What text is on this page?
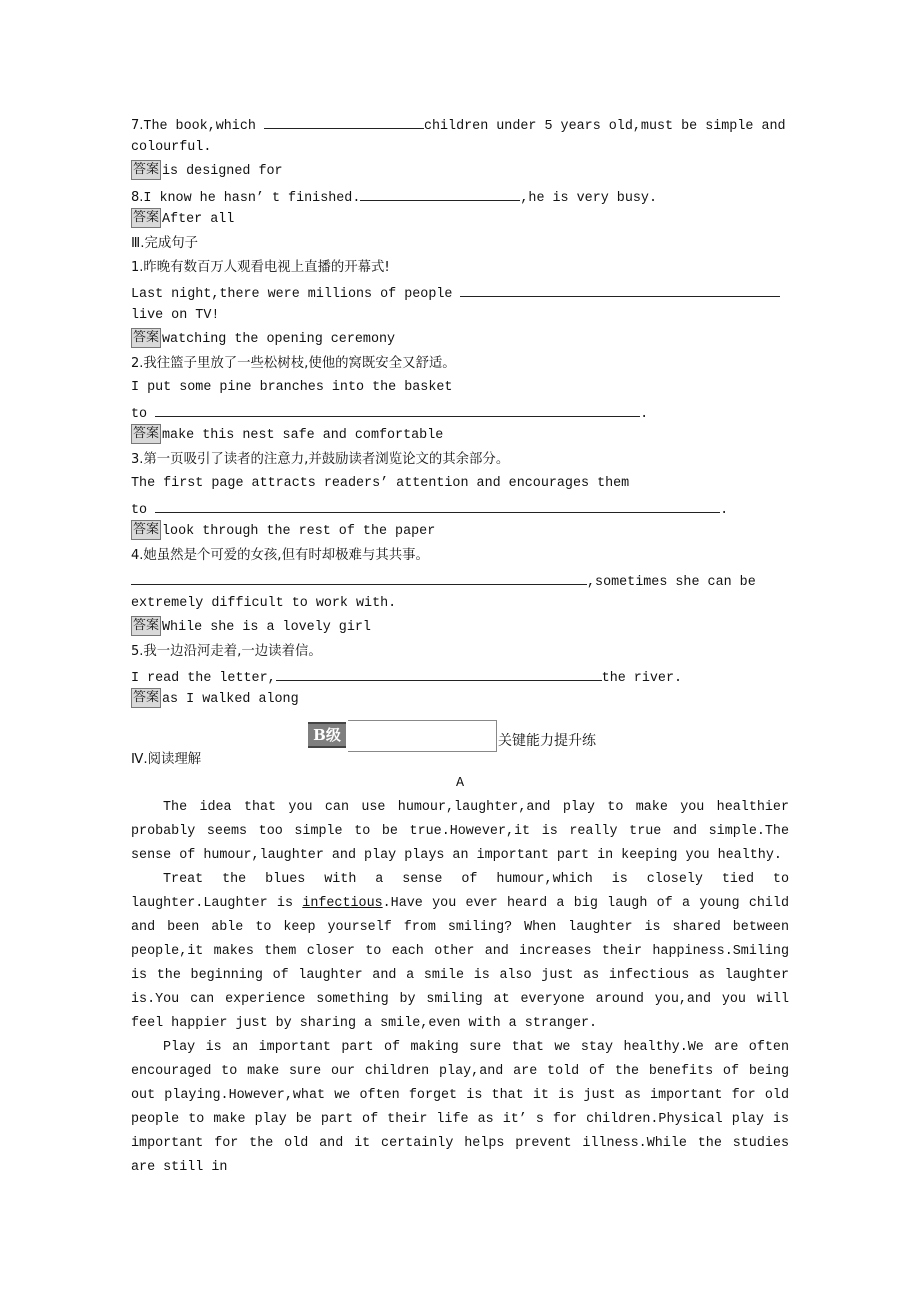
7.The book,which	children under 5 years old,must be simple and
colourful.
答案 is designed for
8.I know he hasn’ t finished.	,he is very busy.
答案 After all
Ⅲ.完成句子
1.昨晚有数百万人观看电视上直播的开幕式!
Last night,there were millions of people
live on TV!
答案 watching the opening ceremony
2.我往篮子里放了一些松树枝,使他的窝既安全又舒适。
I put some pine branches into the basket
to	.
答案 make this nest safe and comfortable
3.第一页吸引了读者的注意力,并鼓励读者浏览论文的其余部分。
The first page attracts readers’ attention and encourages them
to	.
答案 look through the rest of the paper
4.她虽然是个可爱的女孩,但有时却极难与其共事。
,sometimes she can be
extremely difficult to work with.
答案 While she is a lovely girl
5.我一边沿河走着,一边读着信。
I read the letter,	the river.
答案 as I walked along
B级	关键能力提升练
Ⅳ.阅读理解
A
The idea that you can use humour,laughter,and play to make you healthier probably seems too simple to be true.However,it is really true and simple.The sense of humour,laughter and play plays an important part in keeping you healthy.
Treat the blues with a sense of humour,which is closely tied to laughter.Laughter is infectious.Have you ever heard a big laugh of a young child and been able to keep yourself from smiling? When laughter is shared between people,it makes them closer to each other and increases their happiness.Smiling is the beginning of laughter and a smile is also just as infectious as laughter is.You can experience something by smiling at everyone around you,and you will feel happier just by sharing a smile,even with a stranger.
Play is an important part of making sure that we stay healthy.We are often encouraged to make sure our children play,and are told of the benefits of being out playing.However,what we often forget is that it is just as important for old people to make play be part of their life as it’ s for children.Physical play is important for the old and it certainly helps prevent illness.While the studies are still in
